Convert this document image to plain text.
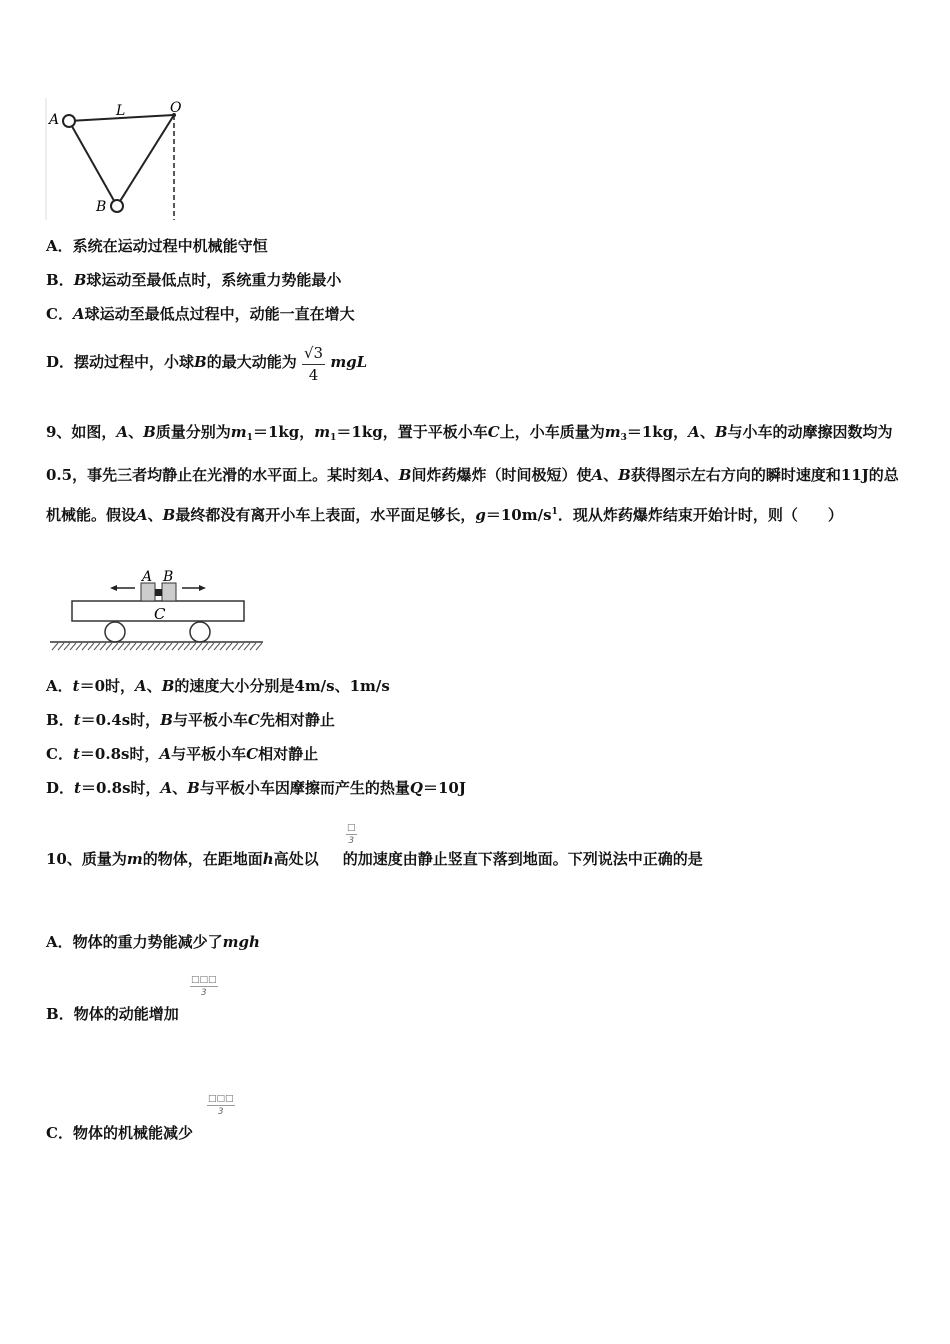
A
L	O
B
A．系统在运动过程中机械能守恒
B．B球运动至最低点时，系统重力势能最小
C．A球运动至最低点过程中，动能一直在增大
D．摆动过程中，小球B的最大动能为 $\frac{√3}{4}$ mgL
9、如图，A、B质量分别为$m_1=1kg$，$m_1=1kg$，置于平板小车C上，小车质量为$m_3=1kg$，A、B与小车的动摩擦因数均为0.5，事先三者均静止在光滑的水平面上。某时刻A、B间炸药爆炸（时间极短）使A、B获得图示左右方向的瞬时速度和11J的总机械能。假设A、B最终都没有离开小车上表面，水平面足够长，$g=10m/s^1$．现从炸药爆炸结束开始计时，则（　　）
A B
C
A．t＝0时，A、B的速度大小分别是4m/s、1m/s
B．t＝0.4s时，B与平板小车C先相对静止
C．t＝0.8s时，A与平板小车C相对静止
D．t＝0.8s时，A、B与平板小车因摩擦而产生的热量Q＝10J
10、质量为m的物体，在距地面h高处以 的加速度由静止竖直下落到地面。下列说法中正确的是
□
3
A．物体的重力势能减少了mgh
B．物体的动能增加
□□□
3
C．物体的机械能减少
□□□
3
